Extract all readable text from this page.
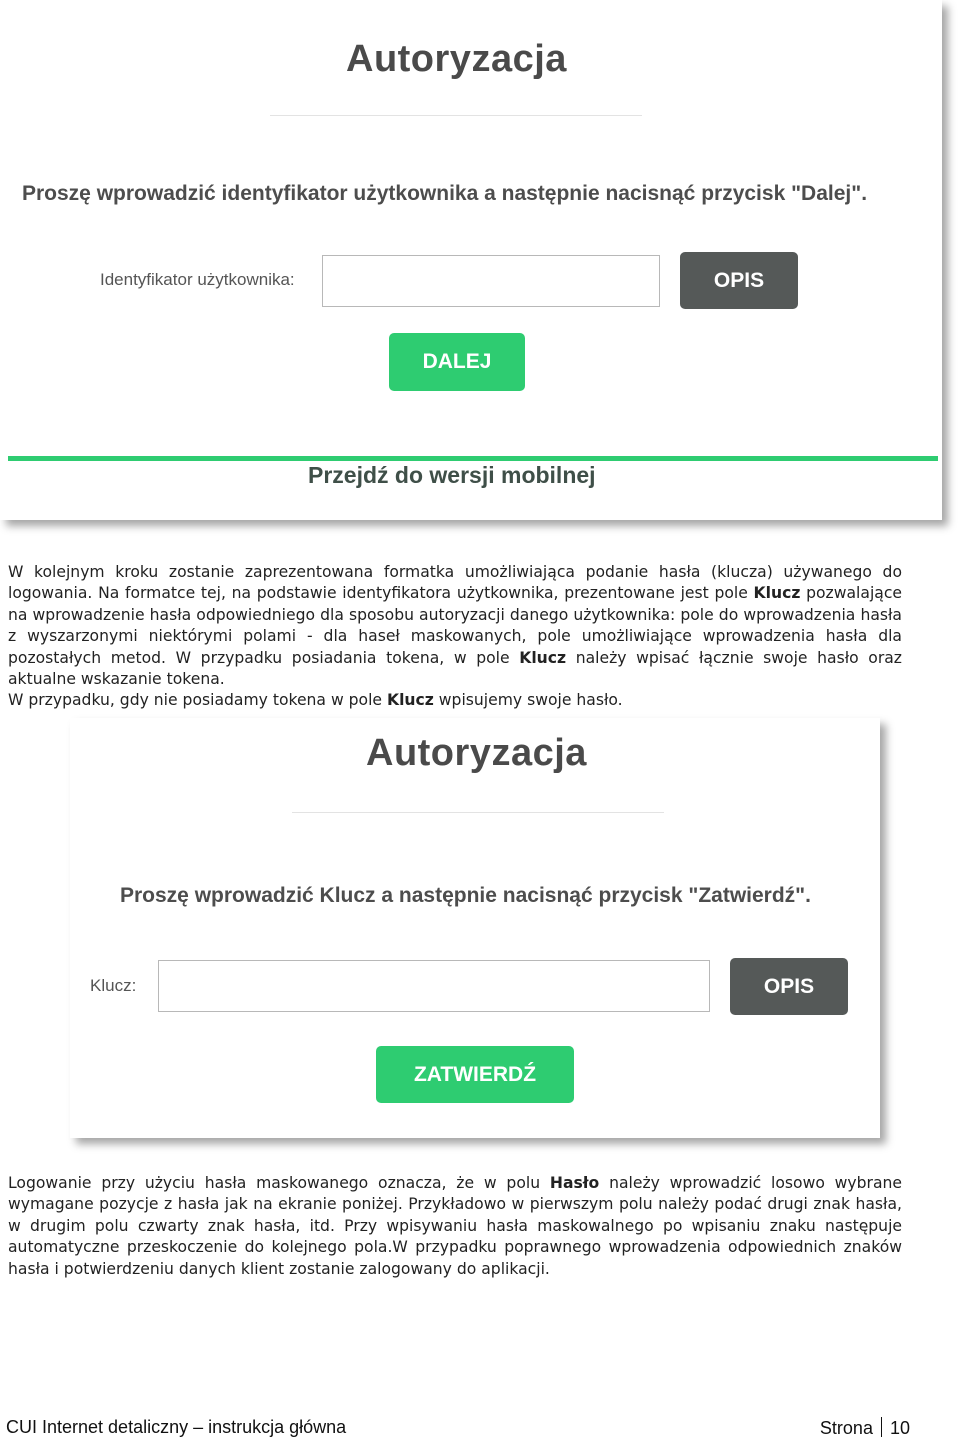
Autoryzacja
Proszę wprowadzić identyfikator użytkownika a następnie nacisnąć przycisk "Dalej".
Identyfikator użytkownika:	OPIS
DALEJ
Przejdź do wersji mobilnej

W kolejnym kroku zostanie zaprezentowana formatka umożliwiająca podanie hasła (klucza) używanego do logowania. Na formatce tej, na podstawie identyfikatora użytkownika, prezentowane jest pole Klucz pozwalające na wprowadzenie hasła odpowiedniego dla sposobu autoryzacji danego użytkownika: pole do wprowadzenia hasła z wyszarzonymi niektórymi polami - dla haseł maskowanych, pole umożliwiające wprowadzenia hasła dla pozostałych metod. W przypadku posiadania tokena, w pole Klucz należy wpisać łącznie swoje hasło oraz aktualne wskazanie tokena.
W przypadku, gdy nie posiadamy tokena w pole Klucz wpisujemy swoje hasło.

Autoryzacja
Proszę wprowadzić Klucz a następnie nacisnąć przycisk "Zatwierdź".
Klucz:	OPIS
ZATWIERDŹ

Logowanie przy użyciu hasła maskowanego oznacza, że w polu Hasło należy wprowadzić losowo wybrane wymagane pozycje z hasła jak na ekranie poniżej. Przykładowo w pierwszym polu należy podać drugi znak hasła, w drugim polu czwarty znak hasła, itd. Przy wpisywaniu hasła maskowalnego po wpisaniu znaku następuje automatyczne przeskoczenie do kolejnego pola.W przypadku poprawnego wprowadzenia odpowiednich znaków hasła i potwierdzeniu danych klient zostanie zalogowany do aplikacji.

CUI Internet detaliczny – instrukcja główna	Strona 10
